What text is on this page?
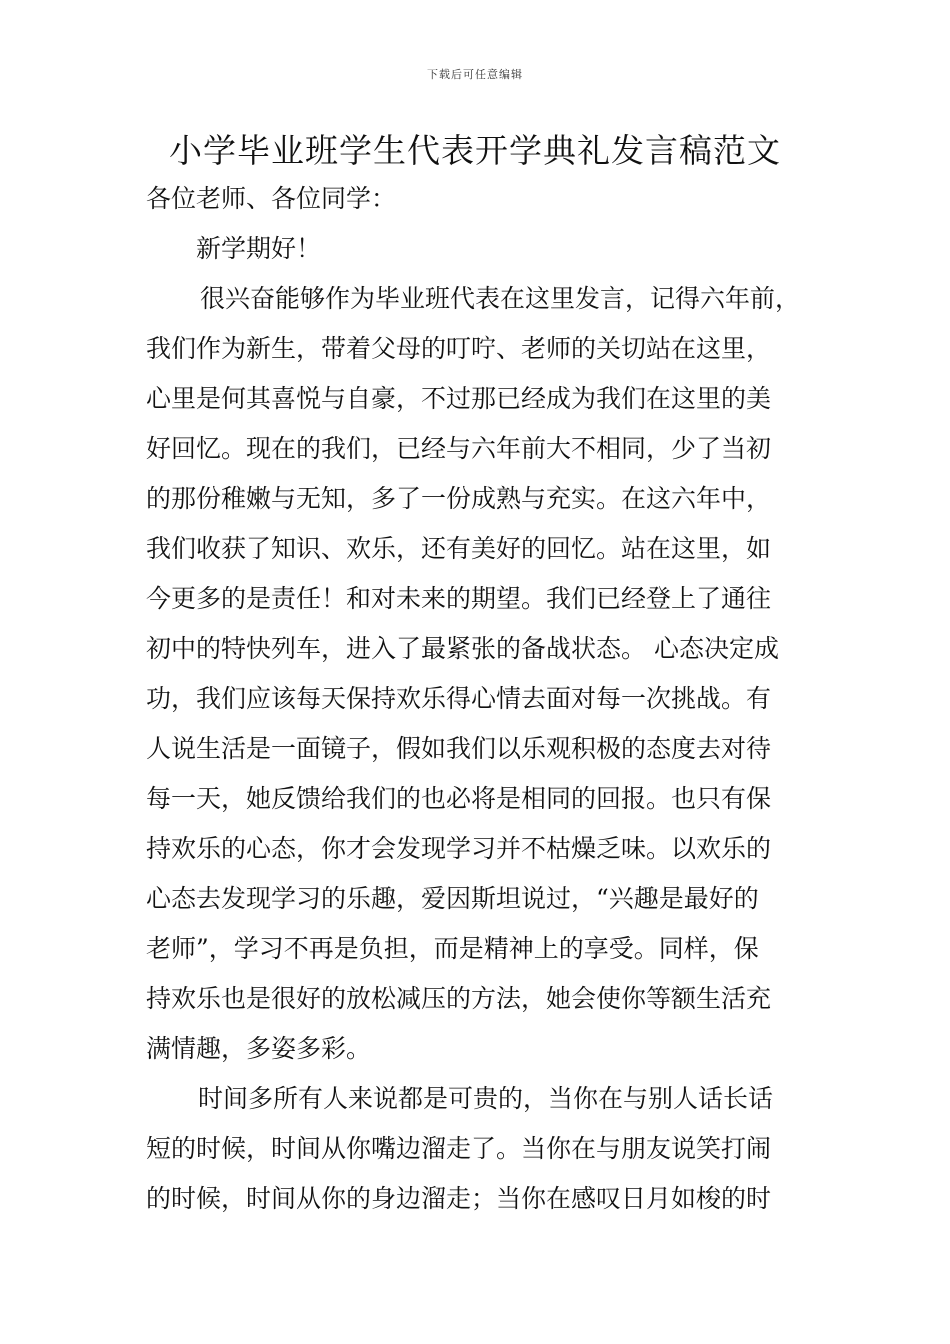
下载后可任意编辑
小学毕业班学生代表开学典礼发言稿范文
各位老师、各位同学：
新学期好！
很兴奋能够作为毕业班代表在这里发言，记得六年前，
我们作为新生，带着父母的叮咛、老师的关切站在这里，
心里是何其喜悦与自豪，不过那已经成为我们在这里的美
好回忆。现在的我们，已经与六年前大不相同，少了当初
的那份稚嫩与无知，多了一份成熟与充实。在这六年中，
我们收获了知识、欢乐，还有美好的回忆。站在这里，如
今更多的是责任！和对未来的期望。我们已经登上了通往
初中的特快列车，进入了最紧张的备战状态。 心态决定成
功，我们应该每天保持欢乐得心情去面对每一次挑战。有
人说生活是一面镜子，假如我们以乐观积极的态度去对待
每一天，她反馈给我们的也必将是相同的回报。也只有保
持欢乐的心态，你才会发现学习并不枯燥乏味。以欢乐的
心态去发现学习的乐趣，爱因斯坦说过，“兴趣是最好的
老师”，学习不再是负担，而是精神上的享受。同样，保
持欢乐也是很好的放松减压的方法，她会使你等额生活充
满情趣，多姿多彩。
时间多所有人来说都是可贵的，当你在与别人话长话
短的时候，时间从你嘴边溜走了。当你在与朋友说笑打闹
的时候，时间从你的身边溜走；当你在感叹日月如梭的时
